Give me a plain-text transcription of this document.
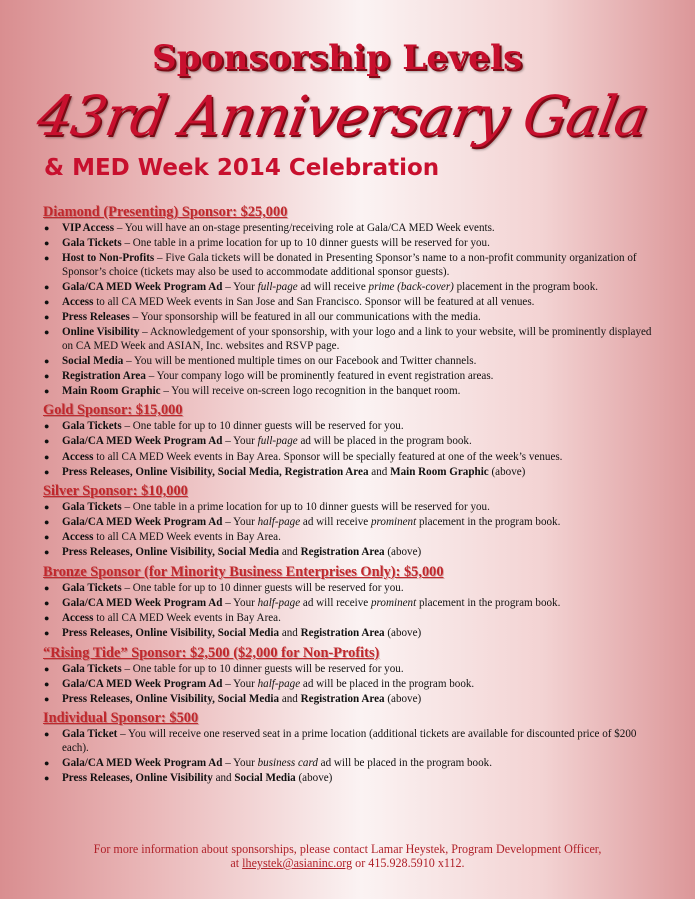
Sponsorship Levels
43rd Anniversary Gala
& MED Week 2014 Celebration
Diamond (Presenting) Sponsor: $25,000
● VIP Access – You will have an on-stage presenting/receiving role at Gala/CA MED Week events.
● Gala Tickets – One table in a prime location for up to 10 dinner guests will be reserved for you.
● Host to Non-Profits – Five Gala tickets will be donated in Presenting Sponsor’s name to a non-profit community organization of Sponsor’s choice (tickets may also be used to accommodate additional sponsor guests).
● Gala/CA MED Week Program Ad – Your full-page ad will receive prime (back-cover) placement in the program book.
● Access to all CA MED Week events in San Jose and San Francisco. Sponsor will be featured at all venues.
● Press Releases – Your sponsorship will be featured in all our communications with the media.
● Online Visibility – Acknowledgement of your sponsorship, with your logo and a link to your website, will be prominently displayed on CA MED Week and ASIAN, Inc. websites and RSVP page.
● Social Media – You will be mentioned multiple times on our Facebook and Twitter channels.
● Registration Area – Your company logo will be prominently featured in event registration areas.
● Main Room Graphic – You will receive on-screen logo recognition in the banquet room.
Gold Sponsor: $15,000
● Gala Tickets – One table for up to 10 dinner guests will be reserved for you.
● Gala/CA MED Week Program Ad – Your full-page ad will be placed in the program book.
● Access to all CA MED Week events in Bay Area. Sponsor will be specially featured at one of the week’s venues.
● Press Releases, Online Visibility, Social Media, Registration Area and Main Room Graphic (above)
Silver Sponsor: $10,000
● Gala Tickets – One table in a prime location for up to 10 dinner guests will be reserved for you.
● Gala/CA MED Week Program Ad – Your half-page ad will receive prominent placement in the program book.
● Access to all CA MED Week events in Bay Area.
● Press Releases, Online Visibility, Social Media and Registration Area (above)
Bronze Sponsor (for Minority Business Enterprises Only): $5,000
● Gala Tickets – One table for up to 10 dinner guests will be reserved for you.
● Gala/CA MED Week Program Ad – Your half-page ad will receive prominent placement in the program book.
● Access to all CA MED Week events in Bay Area.
● Press Releases, Online Visibility, Social Media and Registration Area (above)
“Rising Tide” Sponsor: $2,500 ($2,000 for Non-Profits)
● Gala Tickets – One table for up to 10 dinner guests will be reserved for you.
● Gala/CA MED Week Program Ad – Your half-page ad will be placed in the program book.
● Press Releases, Online Visibility, Social Media and Registration Area (above)
Individual Sponsor: $500
● Gala Ticket – You will receive one reserved seat in a prime location (additional tickets are available for discounted price of $200 each).
● Gala/CA MED Week Program Ad – Your business card ad will be placed in the program book.
● Press Releases, Online Visibility and Social Media (above)
For more information about sponsorships, please contact Lamar Heystek, Program Development Officer,
at lheystek@asianinc.org or 415.928.5910 x112.
